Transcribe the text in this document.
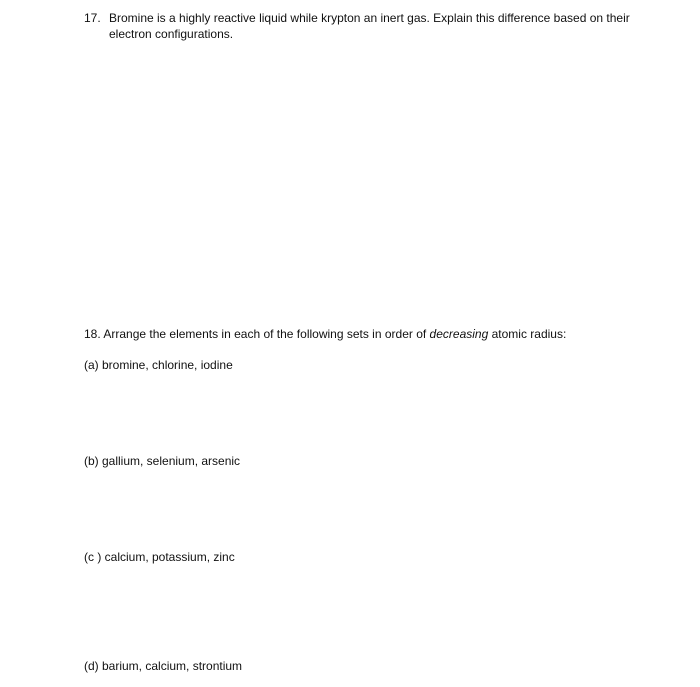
17. Bromine is a highly reactive liquid while krypton an inert gas. Explain this difference based on their electron configurations.
18. Arrange the elements in each of the following sets in order of decreasing atomic radius:
(a) bromine, chlorine, iodine
(b) gallium, selenium, arsenic
(c ) calcium, potassium, zinc
(d) barium, calcium, strontium
